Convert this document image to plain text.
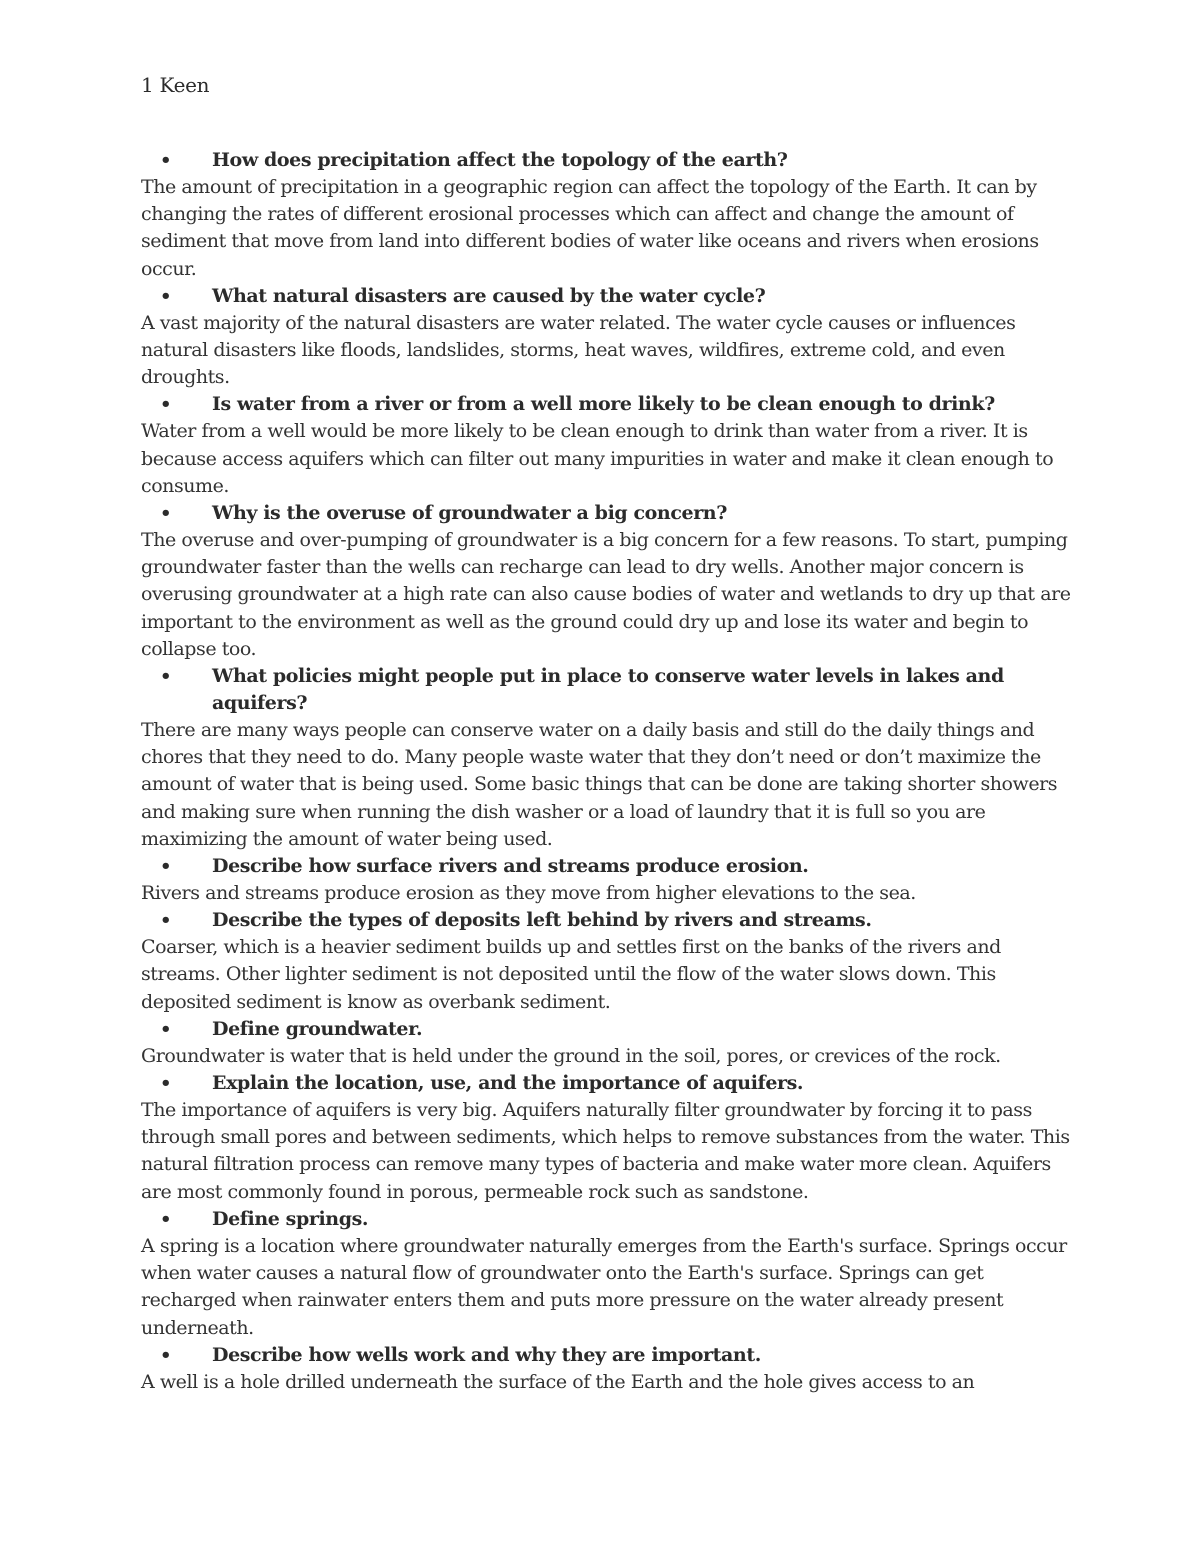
1 Keen
• How does precipitation affect the topology of the earth?
The amount of precipitation in a geographic region can affect the topology of the Earth. It can by changing the rates of different erosional processes which can affect and change the amount of sediment that move from land into different bodies of water like oceans and rivers when erosions occur.
• What natural disasters are caused by the water cycle?
A vast majority of the natural disasters are water related. The water cycle causes or influences natural disasters like floods, landslides, storms, heat waves, wildfires, extreme cold, and even droughts.
• Is water from a river or from a well more likely to be clean enough to drink?
Water from a well would be more likely to be clean enough to drink than water from a river. It is because access aquifers which can filter out many impurities in water and make it clean enough to consume.
• Why is the overuse of groundwater a big concern?
The overuse and over-pumping of groundwater is a big concern for a few reasons. To start, pumping groundwater faster than the wells can recharge can lead to dry wells. Another major concern is overusing groundwater at a high rate can also cause bodies of water and wetlands to dry up that are important to the environment as well as the ground could dry up and lose its water and begin to collapse too.
• What policies might people put in place to conserve water levels in lakes and aquifers?
There are many ways people can conserve water on a daily basis and still do the daily things and chores that they need to do. Many people waste water that they don’t need or don’t maximize the amount of water that is being used. Some basic things that can be done are taking shorter showers and making sure when running the dish washer or a load of laundry that it is full so you are maximizing the amount of water being used.
• Describe how surface rivers and streams produce erosion.
Rivers and streams produce erosion as they move from higher elevations to the sea.
• Describe the types of deposits left behind by rivers and streams.
Coarser, which is a heavier sediment builds up and settles first on the banks of the rivers and streams. Other lighter sediment is not deposited until the flow of the water slows down. This deposited sediment is know as overbank sediment.
• Define groundwater.
Groundwater is water that is held under the ground in the soil, pores, or crevices of the rock.
• Explain the location, use, and the importance of aquifers.
The importance of aquifers is very big. Aquifers naturally filter groundwater by forcing it to pass through small pores and between sediments, which helps to remove substances from the water. This natural filtration process can remove many types of bacteria and make water more clean. Aquifers are most commonly found in porous, permeable rock such as sandstone.
• Define springs.
A spring is a location where groundwater naturally emerges from the Earth's surface. Springs occur when water causes a natural flow of groundwater onto the Earth's surface. Springs can get recharged when rainwater enters them and puts more pressure on the water already present underneath.
• Describe how wells work and why they are important.
A well is a hole drilled underneath the surface of the Earth and the hole gives access to an
